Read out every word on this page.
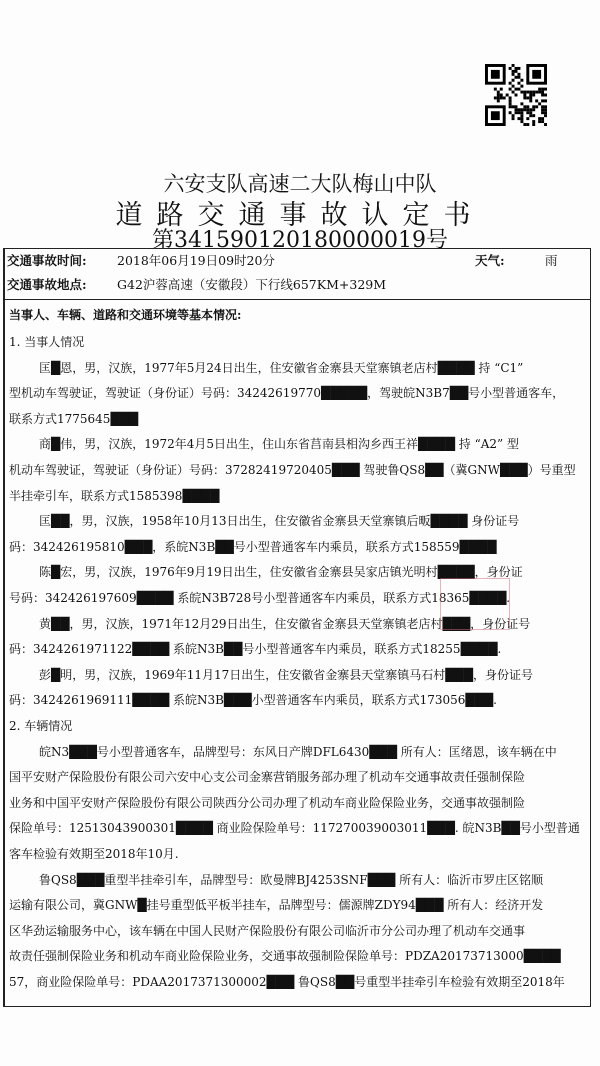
六安支队高速二大队梅山中队
道路交通事故认定书
第341590120180000019号
交通事故时间: 2018年06月19日09时20分	天气:	雨
交通事故地点: G42沪蓉高速（安徽段）下行线657KM+329M
当事人、车辆、道路和交通环境等基本情况:
1. 当事人情况
匡█恩，男，汉族，1977年5月24日出生，住安徽省金寨县天堂寨镇老店村████ 持 “C1”
型机动车驾驶证，驾驶证（身份证）号码：34242619770█████，驾驶皖N3B7██号小型普通客车，
联系方式1775645███
商█伟，男，汉族，1972年4月5日出生，住山东省莒南县相沟乡西王祥████ 持 “A2” 型
机动车驾驶证，驾驶证（身份证）号码：37282419720405███ 驾驶鲁QS8██（冀GNW███）号重型
半挂牵引车，联系方式1585398████
匡██，男，汉族，1958年10月13日出生，住安徽省金寨县天堂寨镇后畈████ 身份证号
码：342426195810███，系皖N3B██号小型普通客车内乘员，联系方式158559████
陈█宏，男，汉族，1976年9月19日出生，住安徽省金寨县吴家店镇光明村████，身份证
号码：342426197609████ 系皖N3B728号小型普通客车内乘员，联系方式18365████.
黄██，男，汉族，1971年12月29日出生，住安徽省金寨县天堂寨镇老店村███，身份证号
码：3424261971122████ 系皖N3B██号小型普通客车内乘员，联系方式18255████.
彭█明，男，汉族，1969年11月17日出生，住安徽省金寨县天堂寨镇马石村███，身份证号
码：3424261969111████ 系皖N3B███小型普通客车内乘员，联系方式173056███.
2. 车辆情况
皖N3███号小型普通客车，品牌型号：东风日产牌DFL6430███ 所有人：匡绪恩，该车辆在中
国平安财产保险股份有限公司六安中心支公司金寨营销服务部办理了机动车交通事故责任强制保险
业务和中国平安财产保险股份有限公司陕西分公司办理了机动车商业险保险业务，交通事故强制险
保险单号：12513043900301████ 商业险保险单号：117270039003011███. 皖N3B██号小型普通
客车检验有效期至2018年10月.
鲁QS8███重型半挂牵引车，品牌型号：欧曼牌BJ4253SNF███ 所有人：临沂市罗庄区铭顺
运输有限公司，冀GNW█挂号重型低平板半挂车，品牌型号：儒源牌ZDY94███ 所有人：经济开发
区华劲运输服务中心，该车辆在中国人民财产保险股份有限公司临沂市分公司办理了机动车交通事
故责任强制保险业务和机动车商业险保险业务，交通事故强制险保险单号：PDZA20173713000████
57，商业险保险单号：PDAA2017371300002███ 鲁QS8██号重型半挂牵引车检验有效期至2018年
